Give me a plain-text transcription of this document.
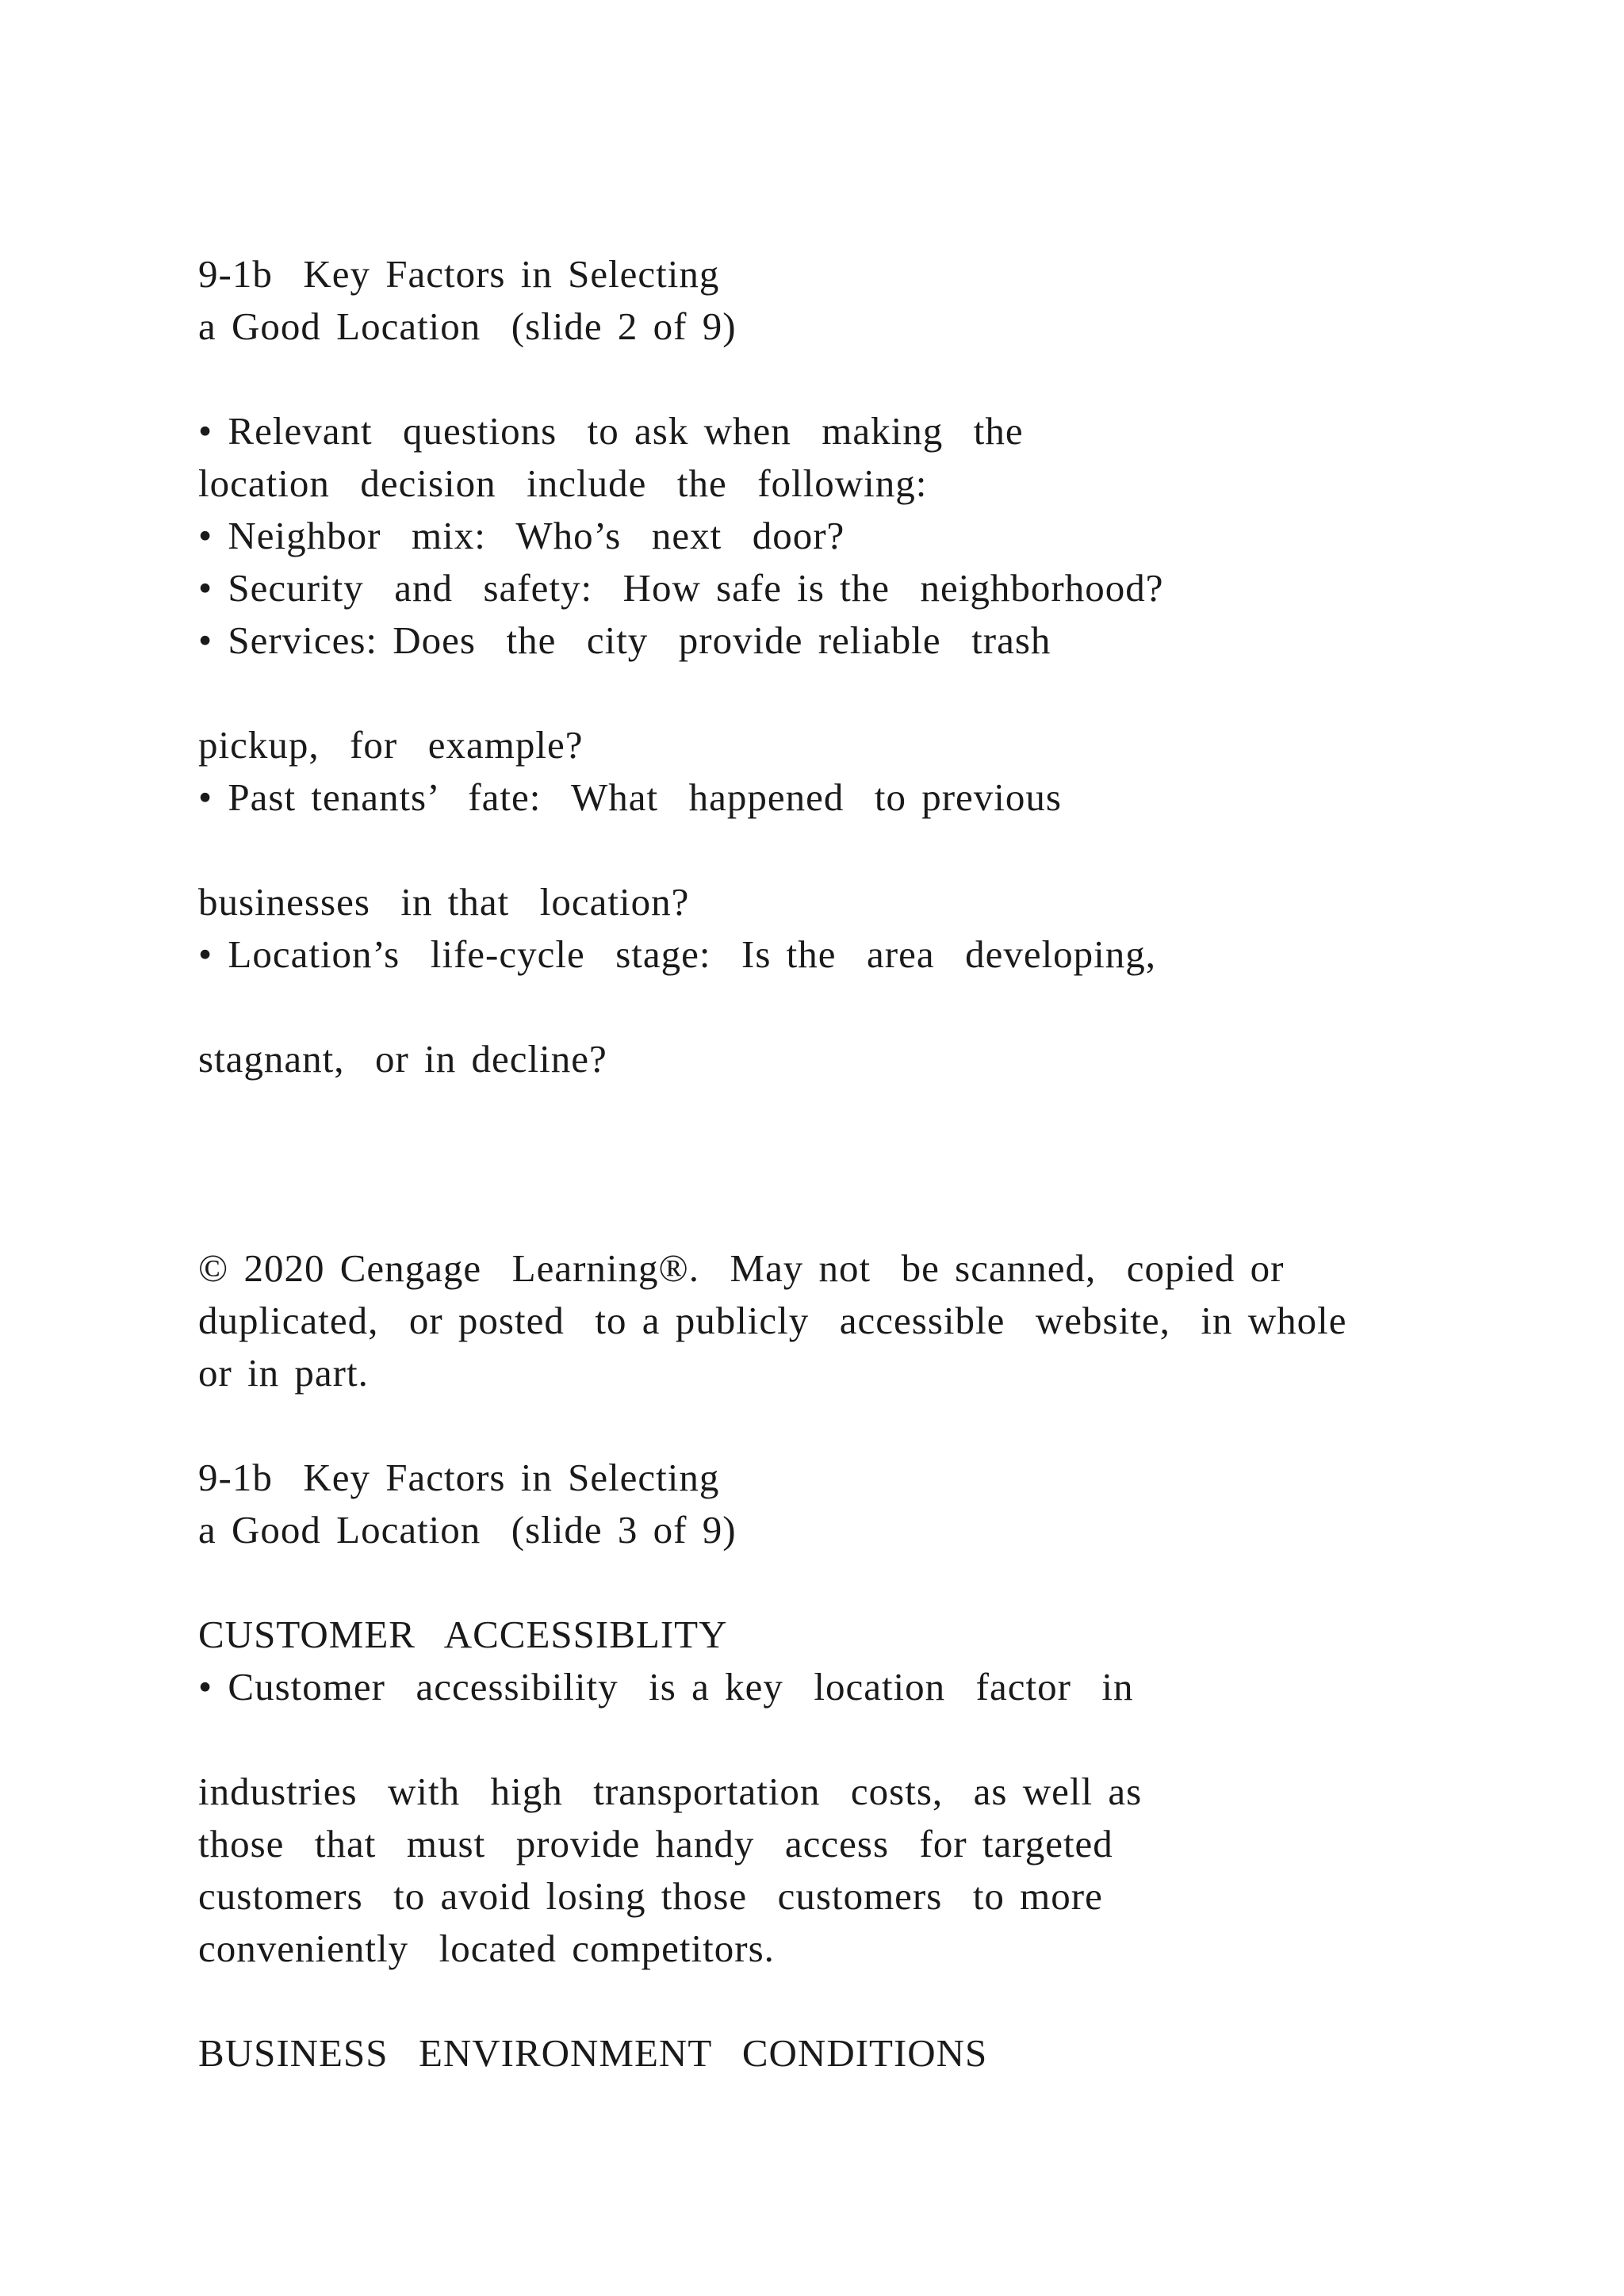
9-1b  Key Factors in Selecting

a Good Location  (slide 2 of 9)

• Relevant  questions  to ask when  making  the

location  decision  include  the  following:

• Neighbor  mix:  Who’s  next  door?

• Security  and  safety:  How safe is the  neighborhood?

• Services: Does  the  city  provide reliable  trash

pickup,  for  example?

• Past tenants’  fate:  What  happened  to previous

businesses  in that  location?

• Location’s  life-cycle  stage:  Is the  area  developing,

stagnant,  or in decline?

© 2020 Cengage  Learning®.  May not  be scanned,  copied or

duplicated,  or posted  to a publicly  accessible  website,  in whole

or in part.

9-1b  Key Factors in Selecting

a Good Location  (slide 3 of 9)

CUSTOMER  ACCESSIBLITY

• Customer  accessibility  is a key  location  factor  in

industries  with  high  transportation  costs,  as well as

those  that  must  provide handy  access  for targeted

customers  to avoid losing those  customers  to more

conveniently  located competitors.

BUSINESS  ENVIRONMENT  CONDITIONS
